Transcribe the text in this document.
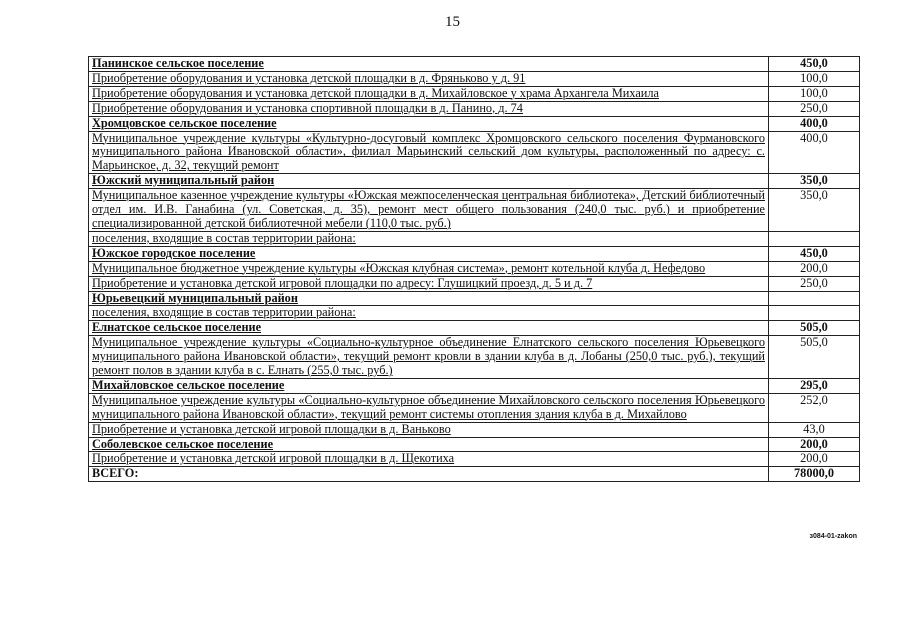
15
Панинское сельское поселение	450,0
Приобретение оборудования и установка детской площадки в д. Фряньково у д. 91	100,0
Приобретение оборудования и установка детской площадки в д. Михайловское у храма Архангела Михаила	100,0
Приобретение оборудования и установка спортивной площадки в д. Панино, д. 74	250,0
Хромцовское сельское поселение	400,0
Муниципальное учреждение культуры «Культурно-досуговый комплекс Хромцовского сельского поселения Фурмановского муниципального района Ивановской области», филиал Марьинский сельский дом культуры, расположенный по адресу: с. Марьинское, д. 32, текущий ремонт	400,0
Южский муниципальный район	350,0
Муниципальное казенное учреждение культуры «Южская межпоселенческая центральная библиотека», Детский библиотечный отдел им. И.В. Ганабина (ул. Советская, д. 35), ремонт мест общего пользования (240,0 тыс. руб.) и приобретение специализированной детской библиотечной мебели (110,0 тыс. руб.)	350,0
поселения, входящие в состав территории района:	
Южское городское поселение	450,0
Муниципальное бюджетное учреждение культуры «Южская клубная система», ремонт котельной клуба д. Нефедово	200,0
Приобретение и установка детской игровой площадки по адресу: Глушицкий проезд, д. 5 и д. 7	250,0
Юрьевецкий муниципальный район	
поселения, входящие в состав территории района:	
Елнатское сельское поселение	505,0
Муниципальное учреждение культуры «Социально-культурное объединение Елнатского сельского поселения Юрьевецкого муниципального района Ивановской области», текущий ремонт кровли в здании клуба в д. Лобаны (250,0 тыс. руб.), текущий ремонт полов в здании клуба в с. Елнать (255,0 тыс. руб.)	505,0
Михайловское сельское поселение	295,0
Муниципальное учреждение культуры «Социально-культурное объединение Михайловского сельского поселения Юрьевецкого муниципального района Ивановской области», текущий ремонт системы отопления здания клуба в д. Михайлово	252,0
Приобретение и установка детской игровой площадки в д. Ваньково	43,0
Соболевское сельское поселение	200,0
Приобретение и установка детской игровой площадки в д. Щекотиха	200,0
ВСЕГО:	78000,0
з084-01-zakon
